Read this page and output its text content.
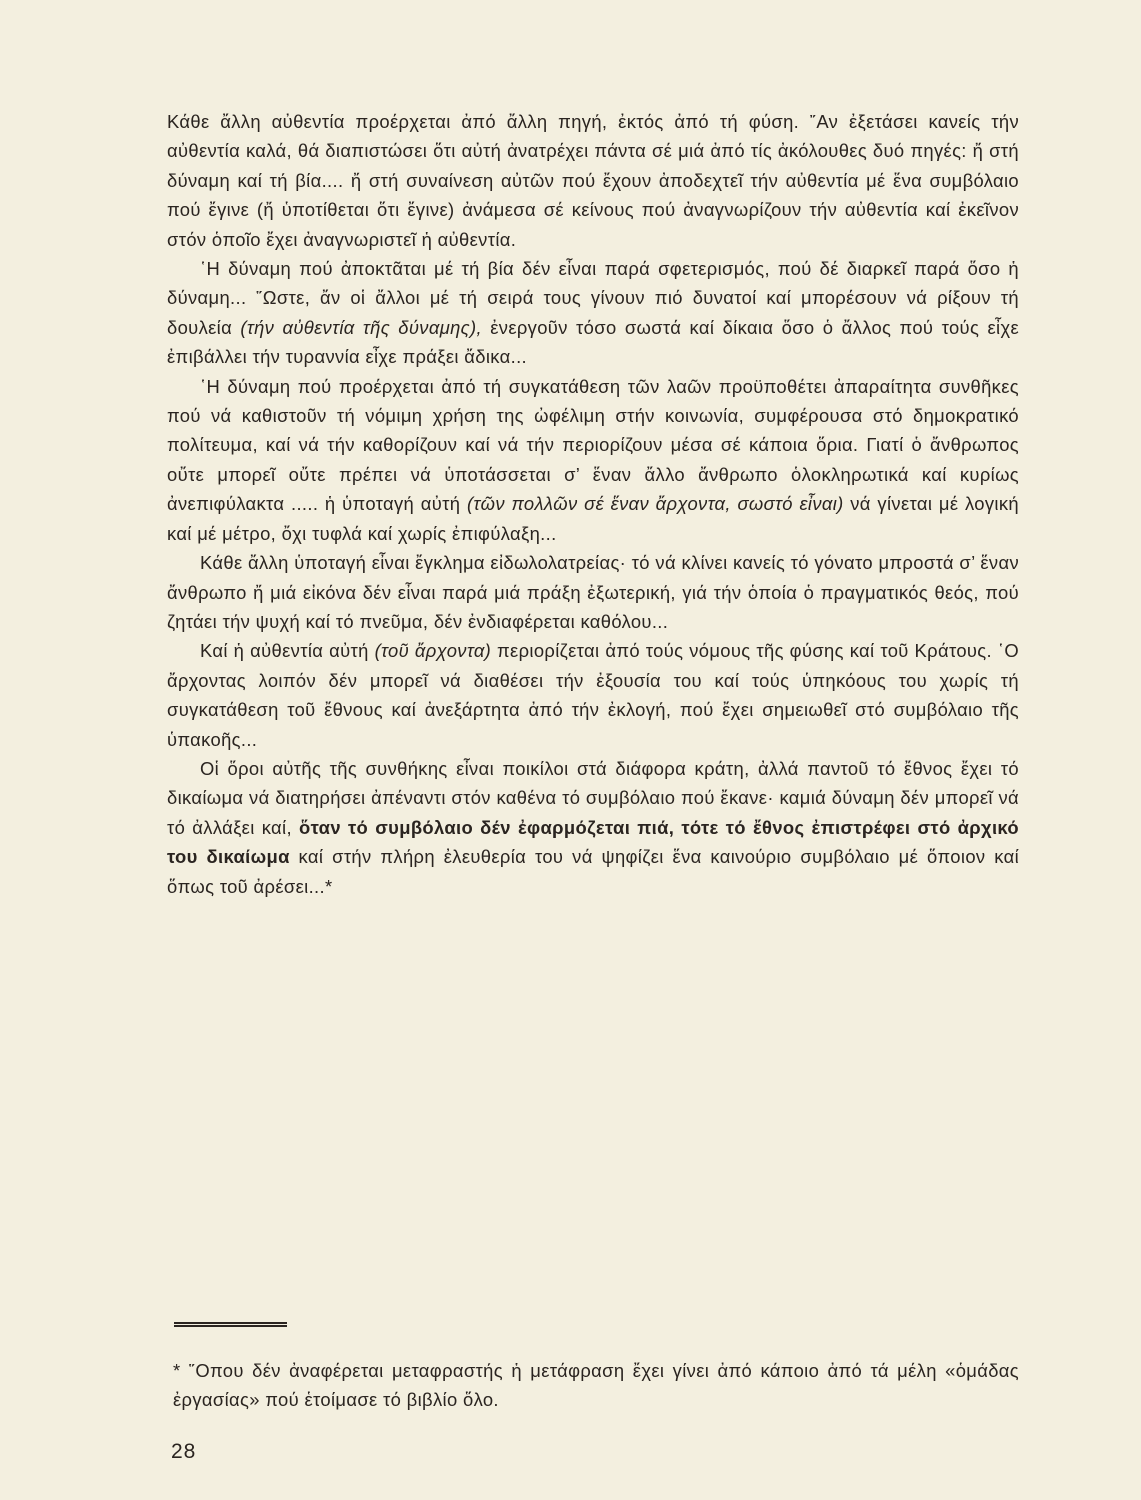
Κάθε ἄλλη αὐθεντία προέρχεται ἀπό ἄλλη πηγή, ἐκτός ἀπό τή φύση. ῎Αν ἐξετάσει κανείς τήν αὐθεντία καλά, θά διαπιστώσει ὅτι αὐτή ἀνατρέχει πάντα σέ μιά ἀπό τίς ἀκόλουθες δυό πηγές: ἤ στή δύναμη καί τή βία.... ἤ στή συναίνεση αὐτῶν πού ἔχουν ἀποδεχτεῖ τήν αὐθεντία μέ ἕνα συμβόλαιο πού ἔγινε (ἤ ὑποτίθεται ὅτι ἔγινε) ἀνάμεσα σέ κείνους πού ἀναγνωρίζουν τήν αὐθεντία καί ἐκεῖνον στόν ὁποῖο ἔχει ἀναγνωριστεῖ ἡ αὐθεντία.

῾Η δύναμη πού ἀποκτᾶται μέ τή βία δέν εἶναι παρά σφετερισμός, πού δέ διαρκεῖ παρά ὅσο ἡ δύναμη... ῞Ωστε, ἄν οἱ ἄλλοι μέ τή σειρά τους γίνουν πιό δυνατοί καί μπορέσουν νά ρίξουν τή δουλεία (τήν αὐθεντία τῆς δύναμης), ἐνεργοῦν τόσο σωστά καί δίκαια ὅσο ὁ ἄλλος πού τούς εἶχε ἐπιβάλλει τήν τυραννία εἶχε πράξει ἄδικα...

῾Η δύναμη πού προέρχεται ἀπό τή συγκατάθεση τῶν λαῶν προϋποθέτει ἀπαραίτητα συνθῆκες πού νά καθιστοῦν τή νόμιμη χρήση της ὠφέλιμη στήν κοινωνία, συμφέρουσα στό δημοκρατικό πολίτευμα, καί νά τήν καθορίζουν καί νά τήν περιορίζουν μέσα σέ κάποια ὅρια. Γιατί ὁ ἄνθρωπος οὔτε μπορεῖ οὔτε πρέπει νά ὑποτάσσεται σ’ ἕναν ἄλλο ἄνθρωπο ὁλοκληρωτικά καί κυρίως ἀνεπιφύλακτα ..... ἡ ὑποταγή αὐτή (τῶν πολλῶν σέ ἕναν ἄρχοντα, σωστό εἶναι) νά γίνεται μέ λογική καί μέ μέτρο, ὄχι τυφλά καί χωρίς ἐπιφύλαξη...

Κάθε ἄλλη ὑποταγή εἶναι ἔγκλημα εἰδωλολατρείας· τό νά κλίνει κανείς τό γόνατο μπροστά σ’ ἕναν ἄνθρωπο ἤ μιά εἰκόνα δέν εἶναι παρά μιά πράξη ἐξωτερική, γιά τήν ὁποία ὁ πραγματικός θεός, πού ζητάει τήν ψυχή καί τό πνεῦμα, δέν ἐνδιαφέρεται καθόλου...

Καί ἡ αὐθεντία αὐτή (τοῦ ἄρχοντα) περιορίζεται ἀπό τούς νόμους τῆς φύσης καί τοῦ Κράτους. ῾Ο ἄρχοντας λοιπόν δέν μπορεῖ νά διαθέσει τήν ἐξουσία του καί τούς ὑπηκόους του χωρίς τή συγκατάθεση τοῦ ἔθνους καί ἀνεξάρτητα ἀπό τήν ἐκλογή, πού ἔχει σημειωθεῖ στό συμβόλαιο τῆς ὑπακοῆς...

Οἱ ὅροι αὐτῆς τῆς συνθήκης εἶναι ποικίλοι στά διάφορα κράτη, ἀλλά παντοῦ τό ἔθνος ἔχει τό δικαίωμα νά διατηρήσει ἀπέναντι στόν καθένα τό συμβόλαιο πού ἔκανε· καμιά δύναμη δέν μπορεῖ νά τό ἀλλάξει καί, ὅταν τό συμβόλαιο δέν ἐφαρμόζεται πιά, τότε τό ἔθνος ἐπιστρέφει στό ἀρχικό του δικαίωμα καί στήν πλήρη ἐλευθερία του νά ψηφίζει ἕνα καινούριο συμβόλαιο μέ ὅποιον καί ὅπως τοῦ ἀρέσει...*

* ῞Οπου δέν ἀναφέρεται μεταφραστής ἡ μετάφραση ἔχει γίνει ἀπό κάποιο ἀπό τά μέλη «ὁμάδας ἐργασίας» πού ἑτοίμασε τό βιβλίο ὅλο.
28
